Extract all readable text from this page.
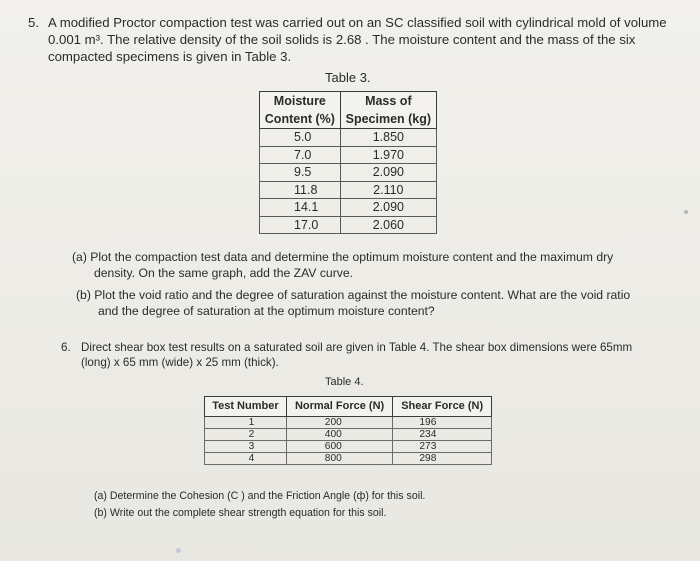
5. A modified Proctor compaction test was carried out on an SC classified soil with cylindrical mold of volume
0.001 m³. The relative density of the soil solids is 2.68 . The moisture content and the mass of the six
compacted specimens is given in Table 3.
Table 3.
Moisture	Mass of
Content (%)	Specimen (kg)
5.0	1.850
7.0	1.970
9.5	2.090
11.8	2.110
14.1	2.090
17.0	2.060
(a) Plot the compaction test data and determine the optimum moisture content and the maximum dry
density. On the same graph, add the ZAV curve.
(b) Plot the void ratio and the degree of saturation against the moisture content. What are the void ratio
and the degree of saturation at the optimum moisture content?
6. Direct shear box test results on a saturated soil are given in Table 4. The shear box dimensions were 65mm
(long) x 65 mm (wide) x 25 mm (thick).
Table 4.
Test Number	Normal Force (N)	Shear Force (N)
1	200	196
2	400	234
3	600	273
4	800	298
(a) Determine the Cohesion (C ) and the Friction Angle (ф) for this soil.
(b) Write out the complete shear strength equation for this soil.
